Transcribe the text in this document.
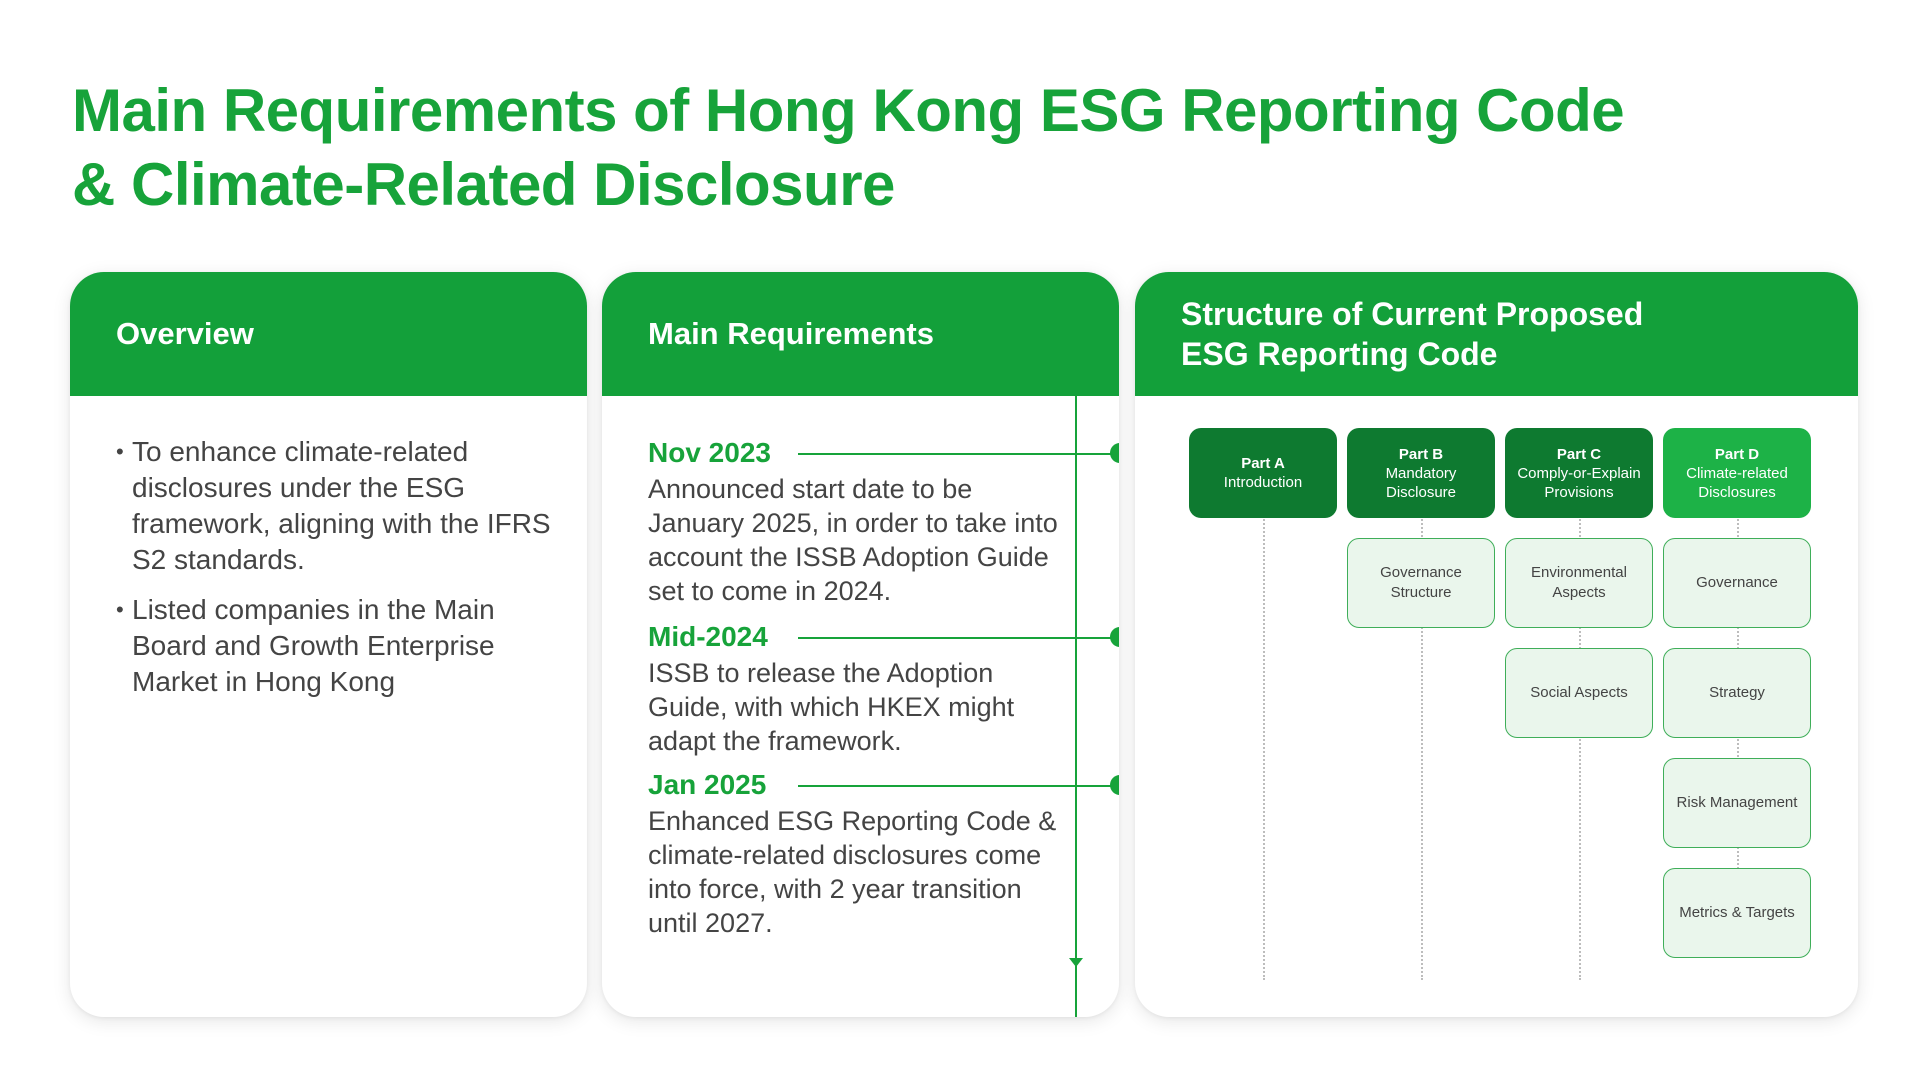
Main Requirements of Hong Kong ESG Reporting Code
& Climate-Related Disclosure
Overview
• To enhance climate-related disclosures under the ESG framework, aligning with the IFRS S2 standards.
• Listed companies in the Main Board and Growth Enterprise Market in Hong Kong
Main Requirements
Nov 2023
Announced start date to be January 2025, in order to take into account the ISSB Adoption Guide set to come in 2024.
Mid-2024
ISSB to release the Adoption Guide, with which HKEX might adapt the framework.
Jan 2025
Enhanced ESG Reporting Code & climate-related disclosures come into force, with 2 year transition until 2027.
Structure of Current Proposed
ESG Reporting Code
Part A
Introduction
Part B
Mandatory Disclosure
Part C
Comply-or-Explain Provisions
Part D
Climate-related Disclosures
Governance Structure
Environmental Aspects
Social Aspects
Governance
Strategy
Risk Management
Metrics & Targets
